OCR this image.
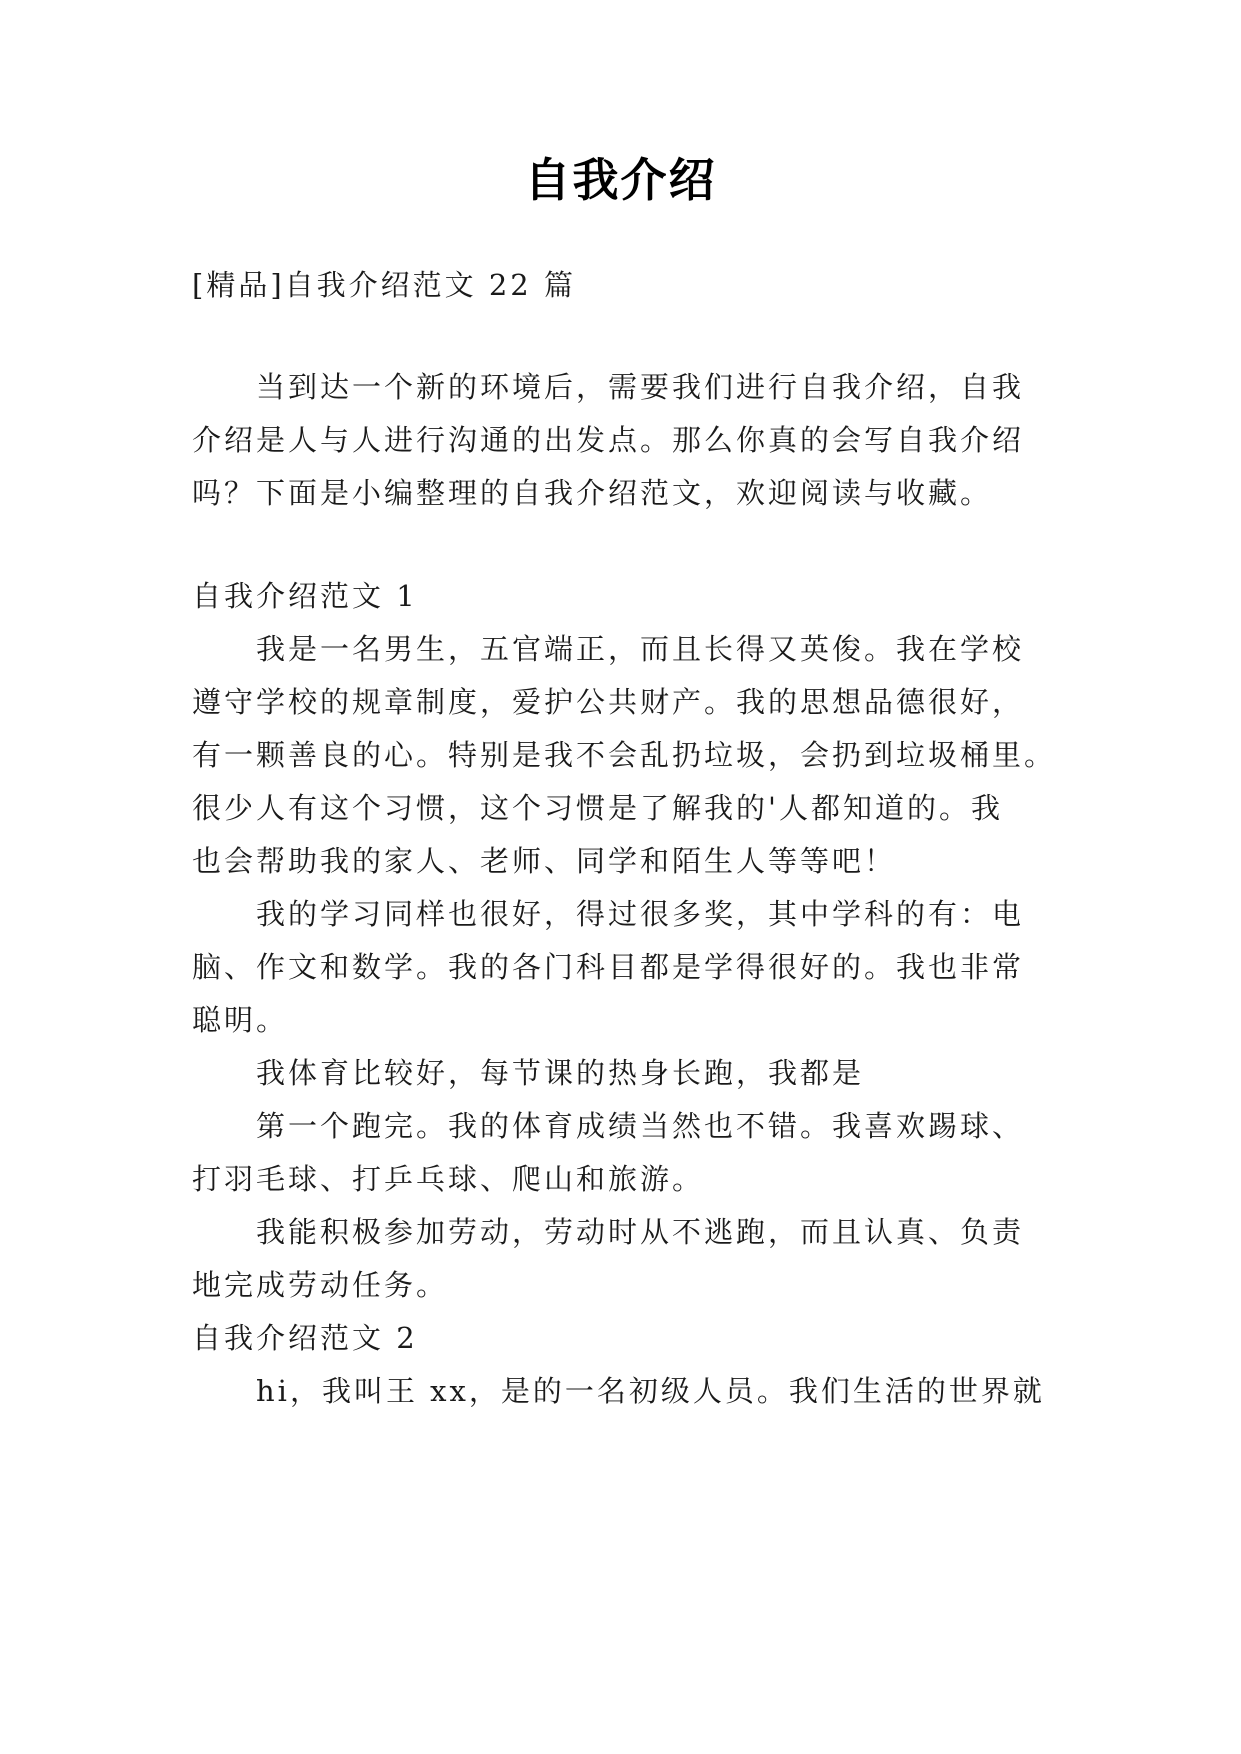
自我介绍
[精品]自我介绍范文 22 篇
当到达一个新的环境后，需要我们进行自我介绍，自我
介绍是人与人进行沟通的出发点。那么你真的会写自我介绍
吗？下面是小编整理的自我介绍范文，欢迎阅读与收藏。
自我介绍范文 1
我是一名男生，五官端正，而且长得又英俊。我在学校
遵守学校的规章制度，爱护公共财产。我的思想品德很好，
有一颗善良的心。特别是我不会乱扔垃圾，会扔到垃圾桶里。
很少人有这个习惯，这个习惯是了解我的'人都知道的。我
也会帮助我的家人、老师、同学和陌生人等等吧！
我的学习同样也很好，得过很多奖，其中学科的有：电
脑、作文和数学。我的各门科目都是学得很好的。我也非常
聪明。
我体育比较好，每节课的热身长跑，我都是
第一个跑完。我的体育成绩当然也不错。我喜欢踢球、
打羽毛球、打乒乓球、爬山和旅游。
我能积极参加劳动，劳动时从不逃跑，而且认真、负责
地完成劳动任务。
自我介绍范文 2
hi，我叫王 xx，是的一名初级人员。我们生活的世界就
